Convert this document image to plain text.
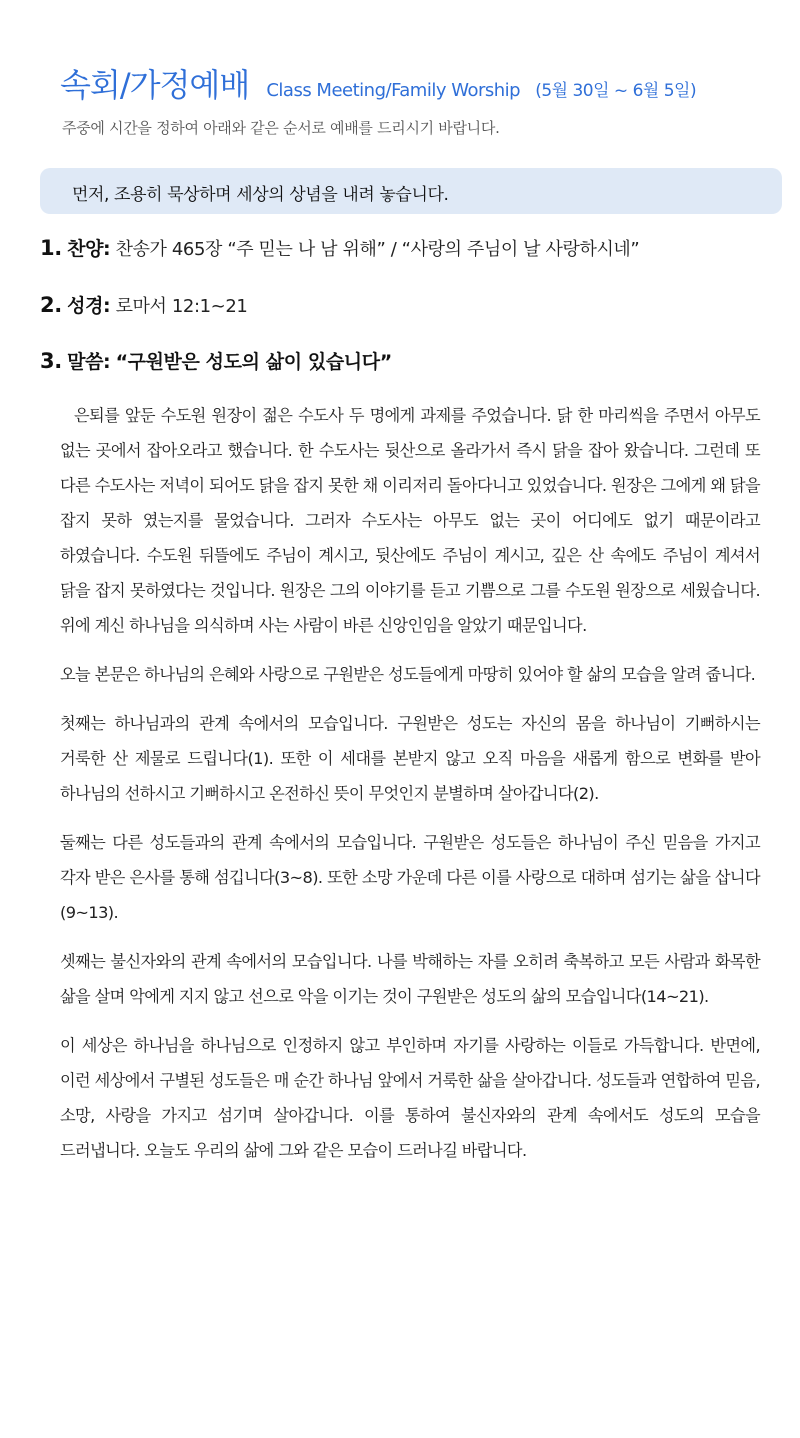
속회/가정예배 Class Meeting/Family Worship (5월 30일 ~ 6월 5일)
주중에 시간을 정하여 아래와 같은 순서로 예배를 드리시기 바랍니다.
먼저, 조용히 묵상하며 세상의 상념을 내려 놓습니다.
1. 찬양: 찬송가 465장 “주 믿는 나 남 위해” / “사랑의 주님이 날 사랑하시네”
2. 성경: 로마서 12:1~21
3. 말씀: “구원받은 성도의 삶이 있습니다”

은퇴를 앞둔 수도원 원장이 젊은 수도사 두 명에게 과제를 주었습니다. 닭 한 마리씩을 주면서 아무도 없는 곳에서 잡아오라고 했습니다. 한 수도사는 뒷산으로 올라가서 즉시 닭을 잡아 왔습니다. 그런데 또 다른 수도사는 저녁이 되어도 닭을 잡지 못한 채 이리저리 돌아다니고 있었습니다. 원장은 그에게 왜 닭을 잡지 못하 였는지를 물었습니다. 그러자 수도사는 아무도 없는 곳이 어디에도 없기 때문이라고 하였습니다. 수도원 뒤뜰에도 주님이 계시고, 뒷산에도 주님이 계시고, 깊은 산 속에도 주님이 계셔서 닭을 잡지 못하였다는 것입니다. 원장은 그의 이야기를 듣고 기쁨으로 그를 수도원 원장으로 세웠습니다. 위에 계신 하나님을 의식하며 사는 사람이 바른 신앙인임을 알았기 때문입니다.

오늘 본문은 하나님의 은혜와 사랑으로 구원받은 성도들에게 마땅히 있어야 할 삶의 모습을 알려 줍니다.

첫째는 하나님과의 관계 속에서의 모습입니다. 구원받은 성도는 자신의 몸을 하나님이 기뻐하시는 거룩한 산 제물로 드립니다(1). 또한 이 세대를 본받지 않고 오직 마음을 새롭게 함으로 변화를 받아 하나님의 선하시고 기뻐하시고 온전하신 뜻이 무엇인지 분별하며 살아갑니다(2).

둘째는 다른 성도들과의 관계 속에서의 모습입니다. 구원받은 성도들은 하나님이 주신 믿음을 가지고 각자 받은 은사를 통해 섬깁니다(3~8). 또한 소망 가운데 다른 이를 사랑으로 대하며 섬기는 삶을 삽니다(9~13).

셋째는 불신자와의 관계 속에서의 모습입니다. 나를 박해하는 자를 오히려 축복하고 모든 사람과 화목한 삶을 살며 악에게 지지 않고 선으로 악을 이기는 것이 구원받은 성도의 삶의 모습입니다(14~21).

이 세상은 하나님을 하나님으로 인정하지 않고 부인하며 자기를 사랑하는 이들로 가득합니다. 반면에, 이런 세상에서 구별된 성도들은 매 순간 하나님 앞에서 거룩한 삶을 살아갑니다. 성도들과 연합하여 믿음, 소망, 사랑을 가지고 섬기며 살아갑니다. 이를 통하여 불신자와의 관계 속에서도 성도의 모습을 드러냅니다. 오늘도 우리의 삶에 그와 같은 모습이 드러나길 바랍니다.
